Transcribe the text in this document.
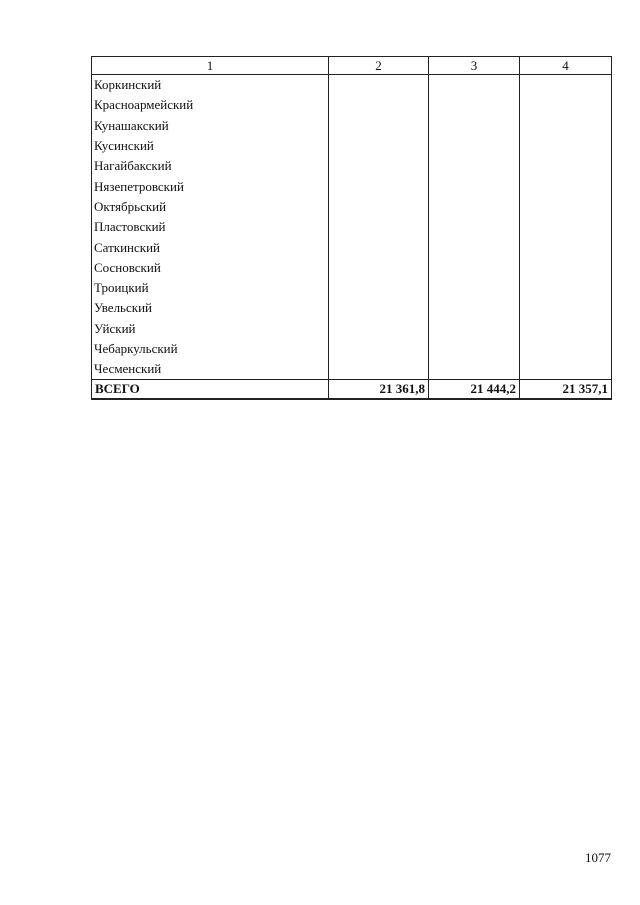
1	2	3	4
Коркинский			
Красноармейский			
Кунашакский			
Кусинский			
Нагайбакский			
Нязепетровский			
Октябрьский			
Пластовский			
Саткинский			
Сосновский			
Троицкий			
Увельский			
Уйский			
Чебаркульский			
Чесменский			
ВСЕГО	21 361,8	21 444,2	21 357,1
1077
